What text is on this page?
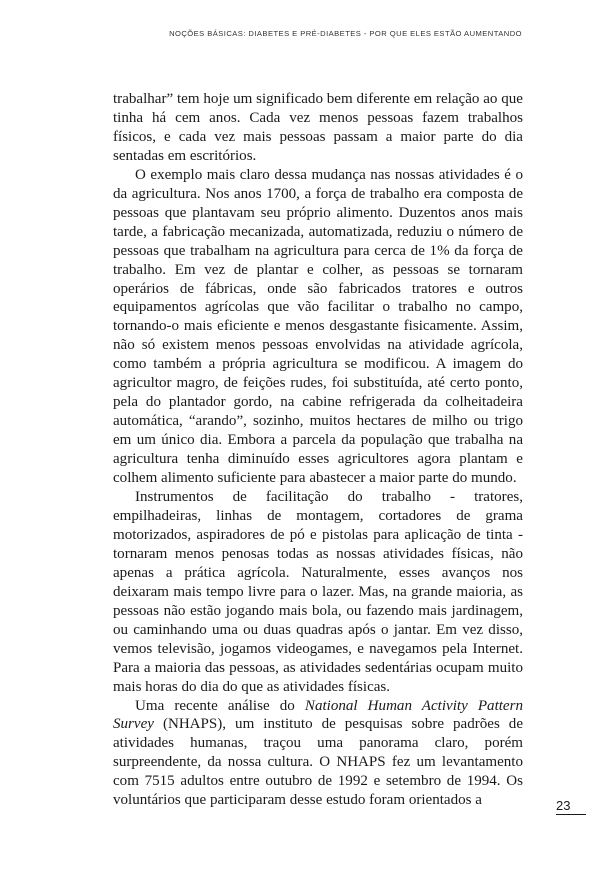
NOÇÕES BÁSICAS: DIABETES E PRÉ-DIABETES - POR QUE ELES ESTÃO AUMENTANDO

trabalhar” tem hoje um significado bem diferente em relação ao que tinha há cem anos. Cada vez menos pessoas fazem trabalhos físicos, e cada vez mais pessoas passam a maior parte do dia sentadas em escritórios.

O exemplo mais claro dessa mudança nas nossas atividades é o da agricultura. Nos anos 1700, a força de trabalho era composta de pessoas que plantavam seu próprio alimento. Duzentos anos mais tarde, a fabricação mecanizada, automatizada, reduziu o número de pessoas que trabalham na agricultura para cerca de 1% da força de trabalho. Em vez de plantar e colher, as pessoas se tornaram operários de fábricas, onde são fabricados tratores e outros equipamentos agrícolas que vão facilitar o trabalho no campo, tornando-o mais eficiente e menos desgastante fisicamente. Assim, não só existem menos pessoas envolvidas na atividade agrícola, como também a própria agricultura se modificou. A imagem do agricultor magro, de feições rudes, foi substituída, até certo ponto, pela do plantador gordo, na cabine refrigerada da colheitadeira automática, “arando”, sozinho, muitos hectares de milho ou trigo em um único dia. Embora a parcela da população que trabalha na agricultura tenha diminuído esses agricultores agora plantam e colhem alimento suficiente para abastecer a maior parte do mundo.

Instrumentos de facilitação do trabalho - tratores, empilhadeiras, linhas de montagem, cortadores de grama motorizados, aspiradores de pó e pistolas para aplicação de tinta - tornaram menos penosas todas as nossas atividades físicas, não apenas a prática agrícola. Naturalmente, esses avanços nos deixaram mais tempo livre para o lazer. Mas, na grande maioria, as pessoas não estão jogando mais bola, ou fazendo mais jardinagem, ou caminhando uma ou duas quadras após o jantar. Em vez disso, vemos televisão, jogamos videogames, e navegamos pela Internet. Para a maioria das pessoas, as atividades sedentárias ocupam muito mais horas do dia do que as atividades físicas.

Uma recente análise do National Human Activity Pattern Survey (NHAPS), um instituto de pesquisas sobre padrões de atividades humanas, traçou uma panorama claro, porém surpreendente, da nossa cultura. O NHAPS fez um levantamento com 7515 adultos entre outubro de 1992 e setembro de 1994. Os voluntários que participaram desse estudo foram orientados a	23
